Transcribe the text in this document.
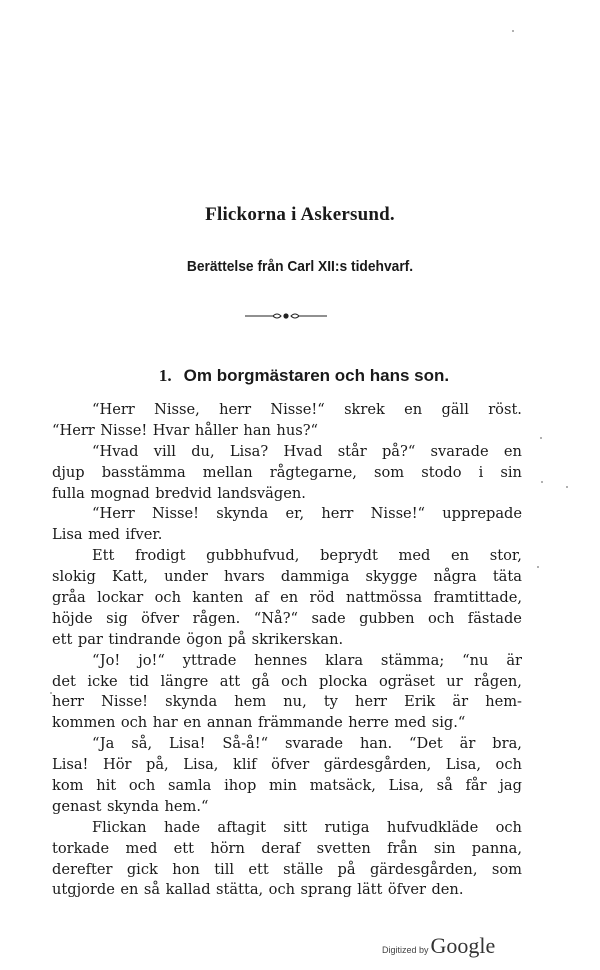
Flickorna i Askersund.
Berättelse från Carl XII:s tidehvarf.
1. Om borgmästaren och hans son.
“Herr Nisse, herr Nisse!“ skrek en gäll röst.
“Herr Nisse! Hvar håller han hus?“
“Hvad vill du, Lisa? Hvad står på?“ svarade en
djup basstämma mellan rågtegarne, som stodo i sin
fulla mognad bredvid landsvägen.
“Herr Nisse! skynda er, herr Nisse!“ upprepade
Lisa med ifver.
Ett frodigt gubbhufvud, beprydt med en stor,
slokig Katt, under hvars dammiga skygge några täta
gråa lockar och kanten af en röd nattmössa framtittade,
höjde sig öfver rågen. “Nå?“ sade gubben och fästade
ett par tindrande ögon på skrikerskan.
“Jo! jo!“ yttrade hennes klara stämma; “nu är
det icke tid längre att gå och plocka ogräset ur rågen,
herr Nisse! skynda hem nu, ty herr Erik är hem-
kommen och har en annan främmande herre med sig.“
“Ja så, Lisa! Så-å!“ svarade han. “Det är bra,
Lisa! Hör på, Lisa, klif öfver gärdesgården, Lisa, och
kom hit och samla ihop min matsäck, Lisa, så får jag
genast skynda hem.“
Flickan hade aftagit sitt rutiga hufvudkläde och
torkade med ett hörn deraf svetten från sin panna,
derefter gick hon till ett ställe på gärdesgården, som
utgjorde en så kallad stätta, och sprang lätt öfver den.
Digitized by Google
